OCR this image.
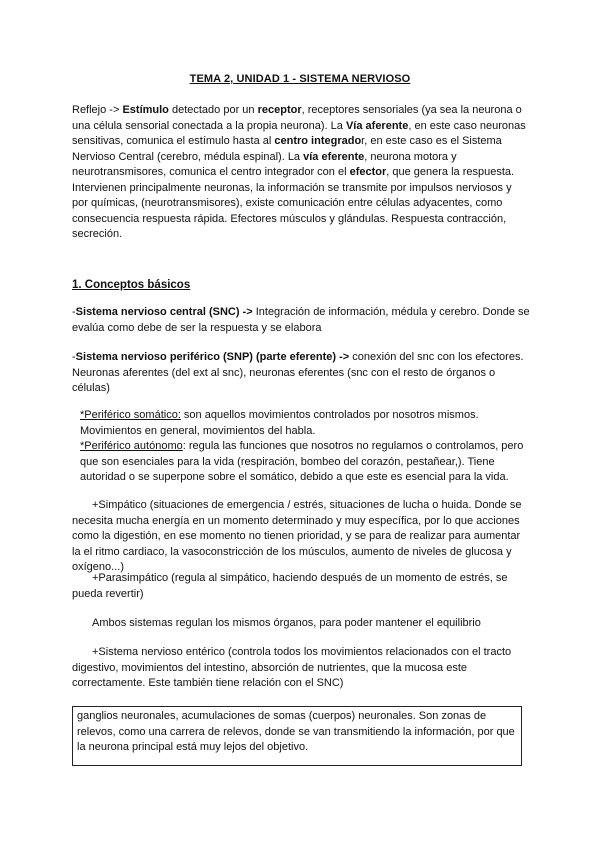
TEMA 2, UNIDAD 1 - SISTEMA NERVIOSO
Reflejo -> Estímulo detectado por un receptor, receptores sensoriales (ya sea la neurona o una célula sensorial conectada a la propia neurona). La Vía aferente, en este caso neuronas sensitivas, comunica el estímulo hasta al centro integrador, en este caso es el Sistema Nervioso Central (cerebro, médula espinal). La vía eferente, neurona motora y neurotransmisores, comunica el centro integrador con el efector, que genera la respuesta. Intervienen principalmente neuronas, la información se transmite por impulsos nerviosos y por químicas, (neurotransmisores), existe comunicación entre células adyacentes, como consecuencia respuesta rápida. Efectores músculos y glándulas. Respuesta contracción, secreción.
1. Conceptos básicos
-Sistema nervioso central (SNC) -> Integración de información, médula y cerebro. Donde se evalúa como debe de ser la respuesta y se elabora
-Sistema nervioso periférico (SNP) (parte eferente) -> conexión del snc con los efectores. Neuronas aferentes (del ext al snc), neuronas eferentes (snc con el resto de órganos o células)
*Periférico somático: son aquellos movimientos controlados por nosotros mismos. Movimientos en general, movimientos del habla.
*Periférico autónomo: regula las funciones que nosotros no regulamos o controlamos, pero que son esenciales para la vida (respiración, bombeo del corazón, pestañear,). Tiene autoridad o se superpone sobre el somático, debido a que este es esencial para la vida.
+Simpático (situaciones de emergencia / estrés, situaciones de lucha o huida. Donde se necesita mucha energía en un momento determinado y muy específica, por lo que acciones como la digestión, en ese momento no tienen prioridad, y se para de realizar para aumentar la el ritmo cardiaco, la vasoconstricción de los músculos, aumento de niveles de glucosa y oxígeno...)
+Parasimpático (regula al simpático, haciendo después de un momento de estrés, se pueda revertir)
Ambos sistemas regulan los mismos órganos, para poder mantener el equilibrio
+Sistema nervioso entérico (controla todos los movimientos relacionados con el tracto digestivo, movimientos del intestino, absorción de nutrientes, que la mucosa este correctamente. Este también tiene relación con el SNC)
ganglios neuronales, acumulaciones de somas (cuerpos) neuronales. Son zonas de relevos, como una carrera de relevos, donde se van transmitiendo la información, por que la neurona principal está muy lejos del objetivo.
